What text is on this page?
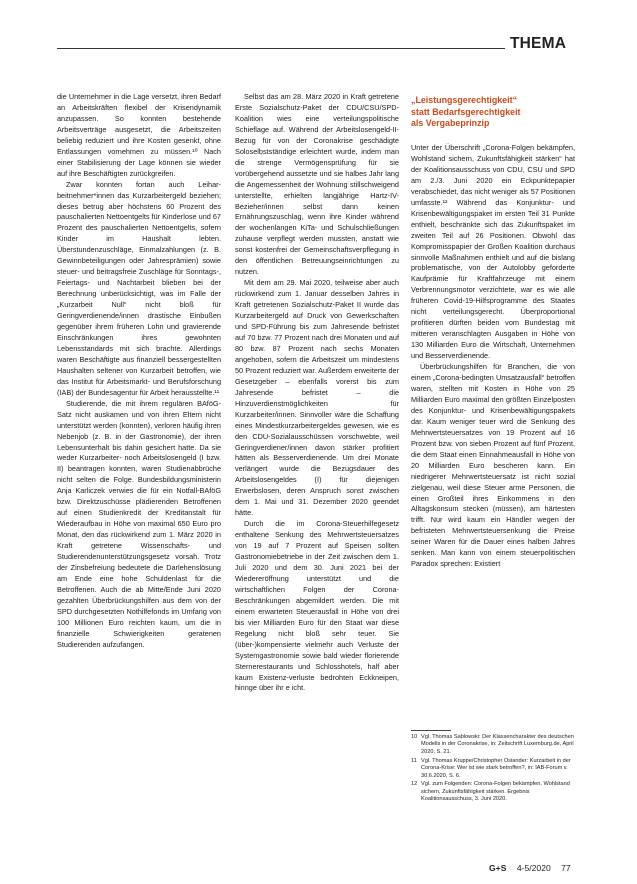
THEMA

die Unternehmer in die Lage versetzt, ihren Bedarf an Arbeitskräften flexibel der Krisendynamik anzupassen. So konnten bestehende Arbeitsverträge ausgesetzt, die Arbeitszeiten beliebig reduziert und ihre Kosten gesenkt, ohne Entlassungen vornehmen zu müssen.¹⁰ Nach einer Stabilisierung der Lage können sie wieder auf ihre Beschäftigten zurückgreifen.

Zwar konnten fortan auch Leihar-beitnehmer*innen das Kurzarbeitergeld beziehen; dieses betrug aber höchstens 60 Prozent des pauschalierten Nettoentgelts für Kinderlose und 67 Prozent des pauschalierten Nettoentgelts, sofern Kinder im Haushalt lebten. Überstundenzuschläge, Einmalzahlungen (z. B. Gewinnbeteiligungen oder Jahresprämien) sowie steuer- und beitragsfreie Zuschläge für Sonntags-, Feiertags- und Nachtarbeit blieben bei der Berechnung unberücksichtigt, was im Falle der „Kurzarbeit Null“ nicht bloß für Geringverdienende/innen drastische Einbußen gegenüber ihrem früheren Lohn und gravierende Einschränkungen ihres gewohnten Lebensstandards mit sich brachte. Allerdings waren Beschäftigte aus finanziell bessergestellten Haushalten seltener von Kurzarbeit betroffen, wie das Institut für Arbeitsmarkt- und Berufsforschung (IAB) der Bundesagentur für Arbeit herausstellte.¹¹

Studierende, die mit ihrem regulären BAföG-Satz nicht auskamen und von ihren Eltern nicht unterstützt werden (konnten), verloren häufig ihren Nebenjob (z. B. in der Gastronomie), der ihren Lebensunterhalt bis dahin gesichert hatte. Da sie weder Kurzarbeiter- noch Arbeitslosengeld (I bzw. II) beantragen konnten, waren Studienabbrüche nicht selten die Folge. Bundesbildungsministerin Anja Karliczek verwies die für ein Notfall-BAföG bzw. Direktzuschüsse plädierenden Betroffenen auf einen Studienkredit der Kreditanstalt für Wiederaufbau in Höhe von maximal 650 Euro pro Monat, den das rückwirkend zum 1. März 2020 in Kraft getretene Wissenschafts- und Studierendenunterstützungsgesetz vorsah. Trotz der Zinsbefreiung bedeutete die Darlehenslösung am Ende eine hohe Schuldenlast für die Betroffenen. Auch die ab Mitte/Ende Juni 2020 gezahlten Überbrückungshilfen aus dem von der SPD durchgesetzten Nothilfefonds im Umfang von 100 Millionen Euro reichten kaum, um die in finanzielle Schwierigkeiten geratenen Studierenden aufzufangen.

Selbst das am 28. März 2020 in Kraft getretene Erste Sozialschutz-Paket der CDU/CSU/SPD-Koalition wies eine verteilungspolitische Schieflage auf. Während der Arbeitslosengeld-II-Bezug für von der Coronakrise geschädigte Soloselbstständige erleichtert wurde, indem man die strenge Vermögensprüfung für sie vorübergehend aussetzte und sie halbes Jahr lang die Angemessenheit der Wohnung stillschweigend unterstellte, erhielten langjährige Hartz-IV-Bezieher/innen selbst dann keinen Ernährungszuschlag, wenn ihre Kinder während der wochenlangen KiTa- und Schulschließungen zuhause verpflegt werden mussten, anstatt wie sonst kostenfrei der Gemeinschaftsverpflegung in den öffentlichen Betreuungseinrichtungen zu nutzen.

Mit dem am 29. Mai 2020, teilweise aber auch rückwirkend zum 1. Januar desselben Jahres in Kraft getretenen Sozialschutz-Paket II wurde das Kurzarbeitergeld auf Druck von Gewerkschaften und SPD-Führung bis zum Jahresende befristet auf 70 bzw. 77 Prozent nach drei Monaten und auf 80 bzw. 87 Prozent nach sechs Monaten angehoben, sofern die Arbeitszeit um mindestens 50 Prozent reduziert war. Außerdem erweiterte der Gesetzgeber – ebenfalls vorerst bis zum Jahresende befristet – die Hinzuverdienstmöglichkeiten für Kurzarbeiter/innen. Sinnvoller wäre die Schaffung eines Mindestkurzarbeitergeldes gewesen, wie es den CDU-Sozialausschüssen vorschwebte, weil Geringverdiener/innen davon stärker profitiert hätten als Besserverdienende. Um drei Monate verlängert wurde die Bezugsdauer des Arbeitslosengeldes (I) für diejenigen Erwerbslosen, deren Anspruch sonst zwischen dem 1. Mai und 31. Dezember 2020 geendet hätte.

Durch die im Corona-Steuerhilfegesetz enthaltene Senkung des Mehrwertsteuersatzes von 19 auf 7 Prozent auf Speisen sollten Gastronomiebetriebe in der Zeit zwischen dem 1. Juli 2020 und dem 30. Juni 2021 bei der Wiedereröffnung unterstützt und die wirtschaftlichen Folgen der Corona-Beschränkungen abgemildert werden. Die mit einem erwarteten Steuerausfall in Höhe von drei bis vier Milliarden Euro für den Staat war diese Regelung nicht bloß sehr teuer. Sie (über-)kompensierte vielmehr auch Verluste der Systemgastronomie sowie bald wieder florierende Sternerestaurants und Schlosshotels, half aber kaum Existenz-verluste bedrohten Eckkneipen, hinnge über ihr e icht.

„Leistungsgerechtigkeit“
statt Bedarfsgerechtigkeit
als Vergabeprinzip

Unter der Überschrift „Corona-Folgen bekämpfen, Wohlstand sichern, Zukunftsfähigkeit stärken“ hat der Koalitionsausschuss von CDU, CSU und SPD am 2./3. Juni 2020 ein Eckpunktepapier verabschiedet, das nicht weniger als 57 Positionen umfasste.¹² Während das Konjunktur- und Krisenbewältigungspaket im ersten Teil 31 Punkte enthielt, beschränkte sich das Zukunftspaket im zweiten Teil auf 26 Positionen. Obwohl das Kompromisspapier der Großen Koalition durchaus sinnvolle Maßnahmen enthielt und auf die bislang problematische, von der Autolobby geforderte Kaufprämie für Kraftfahrzeuge mit einem Verbrennungsmotor verzichtete, war es wie alle früheren Covid-19-Hilfsprogramme des Staates nicht verteilungsgerecht. Überproportional profitieren dürften beiden vom Bundestag mit mitteren veranschlagten Ausgaben in Höhe von 130 Milliarden Euro die Wirtschaft, Unternehmen und Besserverdienende.

Überbrückungshilfen für Branchen, die von einem „Corona-bedingten Umsatzausfall“ betroffen waren, stellten mit Kosten in Höhe von 25 Milliarden Euro maximal den größten Einzelposten des Konjunktur- und Krisenbewältigungspakets dar. Kaum weniger teuer wird die Senkung des Mehrwertsteuersatzes von 19 Prozent auf 16 Prozent bzw. von sieben Prozent auf fünf Prozent, die dem Staat einen Einnahmeausfall in Höhe von 20 Milliarden Euro bescheren kann. Ein niedrigerer Mehrwertsteuersatz ist nicht sozial zielgenau, weil diese Steuer arme Personen, die einen Großteil ihres Einkommens in den Alltagskonsum stecken (müssen), am härtesten trifft. Nur wird kaum ein Händler wegen der befristeten Mehrwertsteuersenkung die Preise seiner Waren für die Dauer eines halben Jahres senken. Man kann von einem steuerpolitischen Paradox sprechen: Existiert

10 Vgl. Thomas Sablowski: Der Klassencharakter des deutschen Modells in der Coronakrise, in: Zeitschrift Luxemburg.de, April 2020, S. 21.
11 Vgl. Thomas Kruppe/Christopher Osiander: Kurzarbeit in der Corona-Krise: Wer ist wie stark betroffen?, in: IAB-Forum v. 30.6.2020, S. 6.
12 Vgl. zum Folgenden: Corona-Folgen bekämpfen, Wohlstand sichern, Zukunftsfähigkeit stärken. Ergebnis Koalitionsausschuss, 3. Juni 2020.
G+S 4-5/2020 77
